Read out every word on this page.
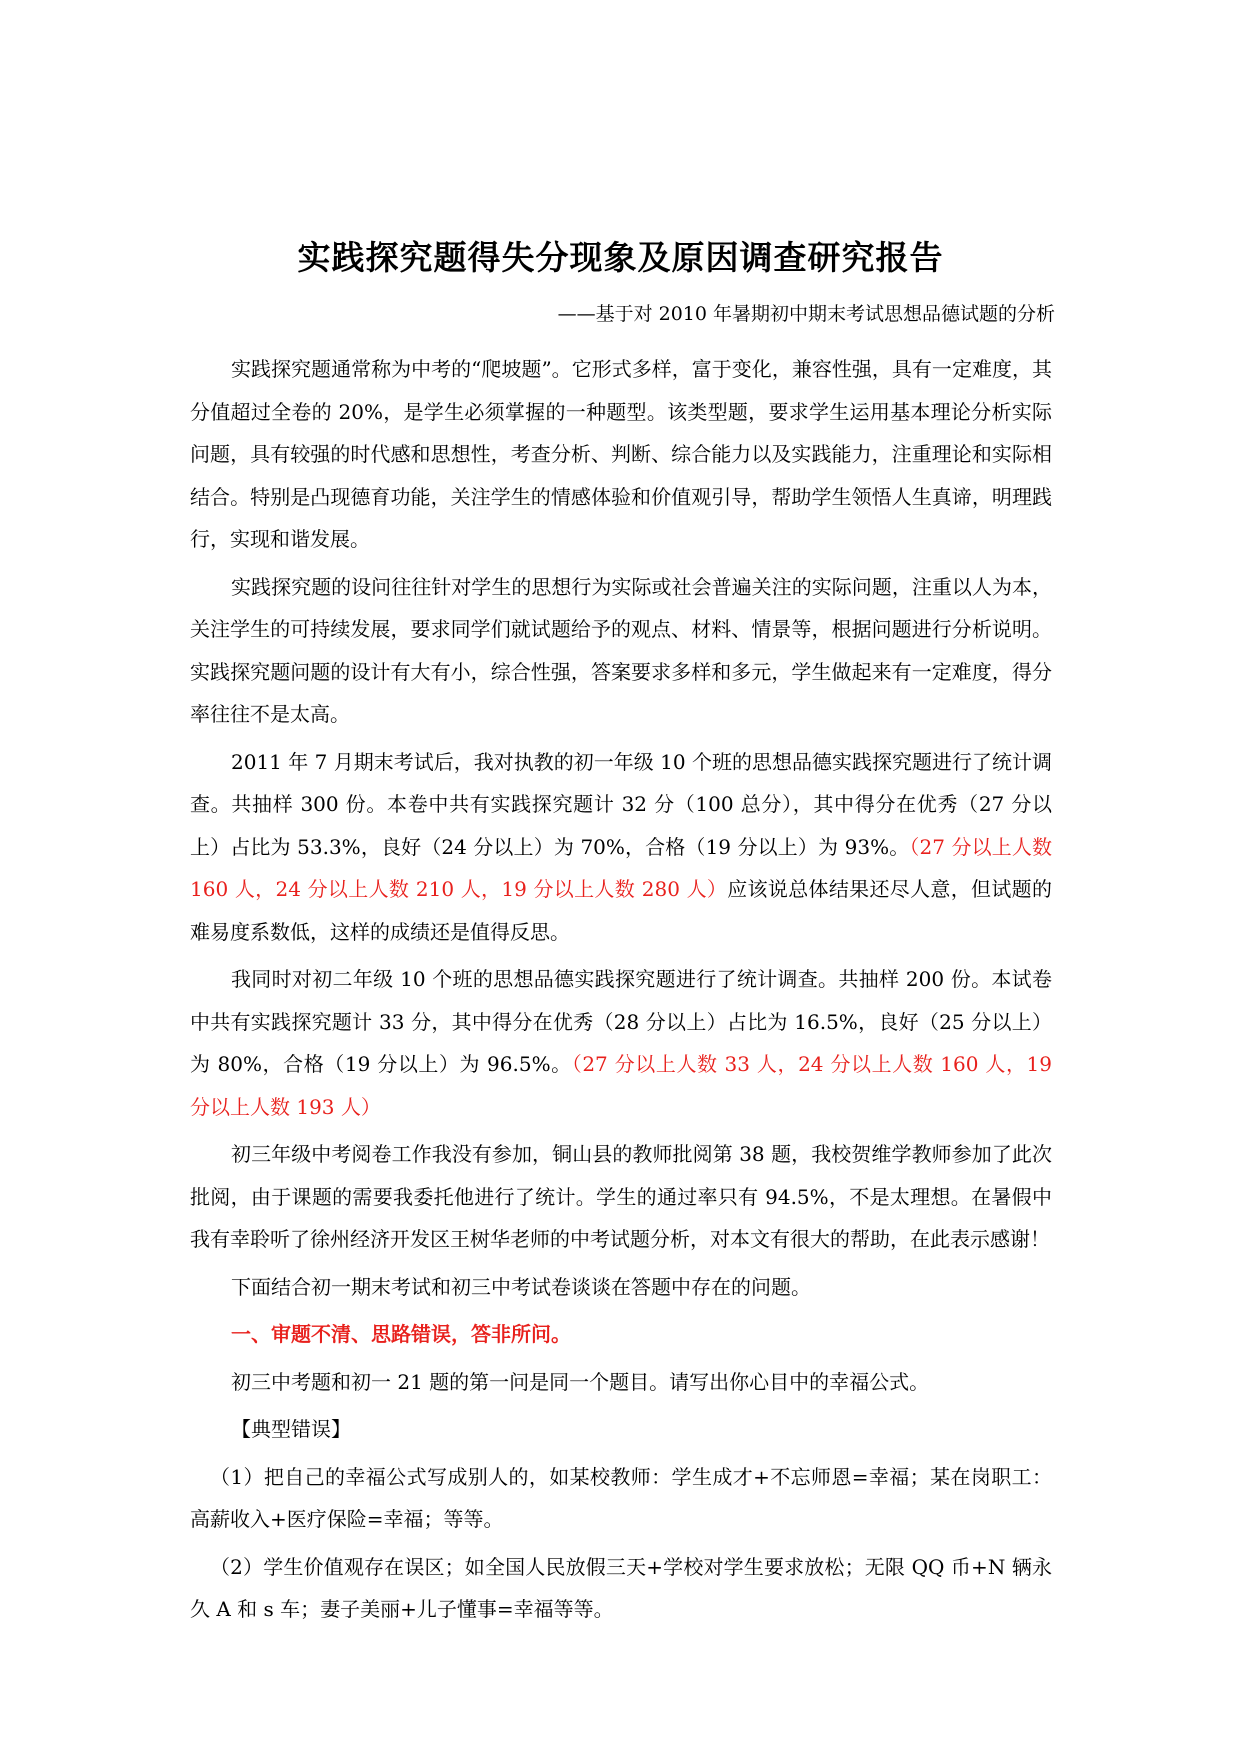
实践探究题得失分现象及原因调查研究报告
——基于对 2010 年暑期初中期末考试思想品德试题的分析

实践探究题通常称为中考的“爬坡题”。它形式多样，富于变化，兼容性强，具有一定难度，其分值超过全卷的 20%，是学生必须掌握的一种题型。该类型题，要求学生运用基本理论分析实际问题，具有较强的时代感和思想性，考查分析、判断、综合能力以及实践能力，注重理论和实际相结合。特别是凸现德育功能，关注学生的情感体验和价值观引导，帮助学生领悟人生真谛，明理践行，实现和谐发展。

实践探究题的设问往往针对学生的思想行为实际或社会普遍关注的实际问题，注重以人为本，关注学生的可持续发展，要求同学们就试题给予的观点、材料、情景等，根据问题进行分析说明。实践探究题问题的设计有大有小，综合性强，答案要求多样和多元，学生做起来有一定难度，得分率往往不是太高。

2011 年 7 月期末考试后，我对执教的初一年级 10 个班的思想品德实践探究题进行了统计调查。共抽样 300 份。本卷中共有实践探究题计 32 分（100 总分），其中得分在优秀（27 分以上）占比为 53.3%，良好（24 分以上）为 70%，合格（19 分以上）为 93%。（27 分以上人数 160 人，24 分以上人数 210 人，19 分以上人数 280 人）应该说总体结果还尽人意，但试题的难易度系数低，这样的成绩还是值得反思。

我同时对初二年级 10 个班的思想品德实践探究题进行了统计调查。共抽样 200 份。本试卷中共有实践探究题计 33 分，其中得分在优秀（28 分以上）占比为 16.5%，良好（25 分以上）为 80%，合格（19 分以上）为 96.5%。（27 分以上人数 33 人，24 分以上人数 160 人，19 分以上人数 193 人）

初三年级中考阅卷工作我没有参加，铜山县的教师批阅第 38 题，我校贺维学教师参加了此次批阅，由于课题的需要我委托他进行了统计。学生的通过率只有 94.5%，不是太理想。在暑假中我有幸聆听了徐州经济开发区王树华老师的中考试题分析，对本文有很大的帮助，在此表示感谢！

下面结合初一期末考试和初三中考试卷谈谈在答题中存在的问题。

一、审题不清、思路错误，答非所问。

初三中考题和初一 21 题的第一问是同一个题目。请写出你心目中的幸福公式。

【典型错误】

（1）把自己的幸福公式写成别人的，如某校教师：学生成才+不忘师恩=幸福；某在岗职工：高薪收入+医疗保险=幸福；等等。

（2）学生价值观存在误区；如全国人民放假三天+学校对学生要求放松；无限 QQ 币+N 辆永久 A 和 s 车；妻子美丽+儿子懂事=幸福等等。
